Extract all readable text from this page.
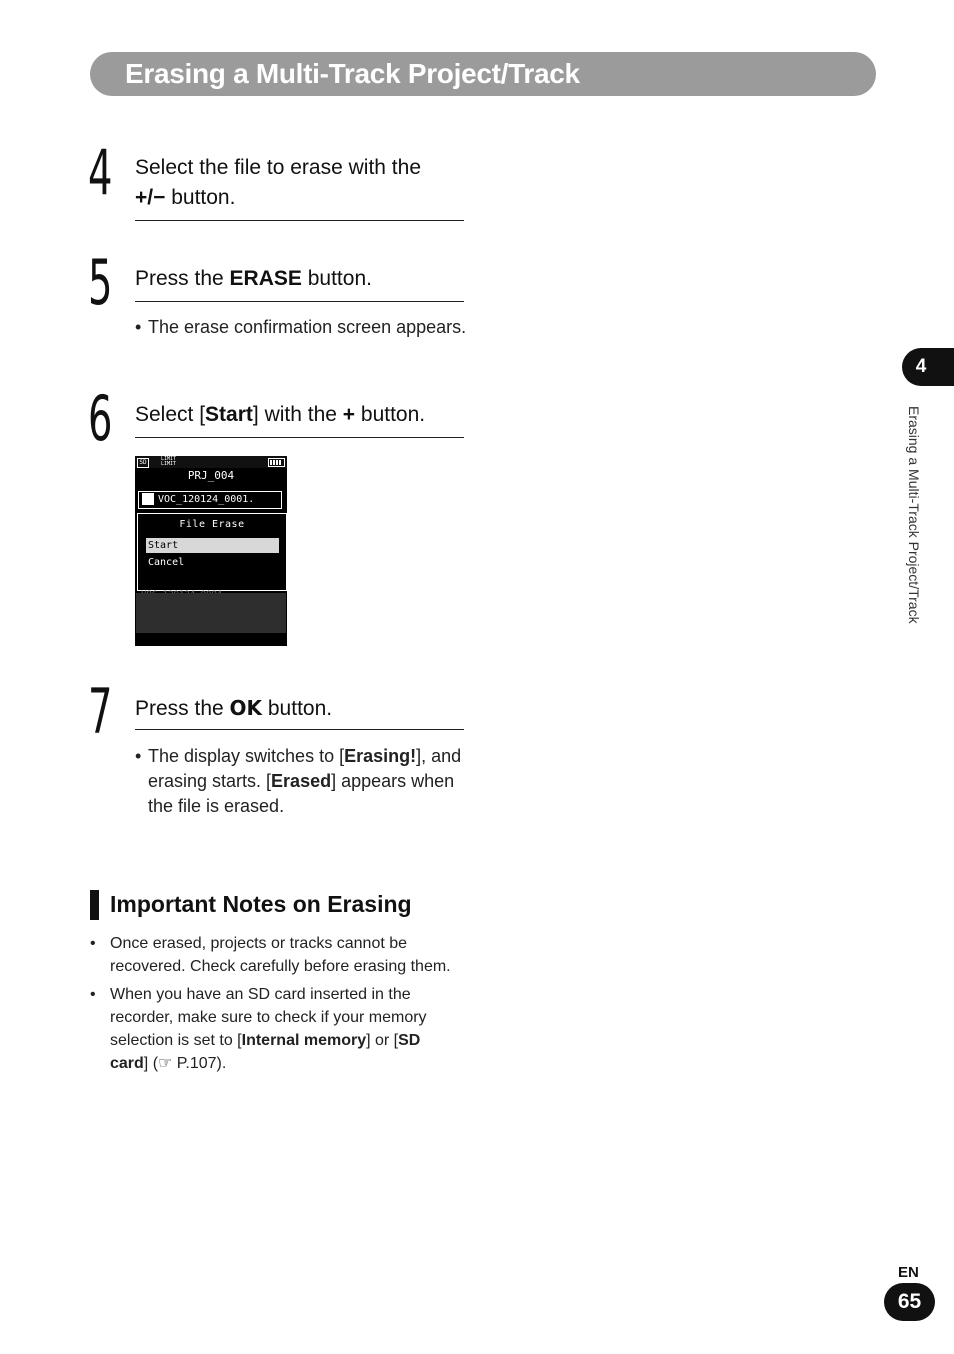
Erasing a Multi-Track Project/Track
4 Select the file to erase with the
+/− button.
5 Press the ERASE button.
• The erase confirmation screen appears.
6 Select [Start] with the + button.
SD	LIMIT
LIMIT
PRJ_004
VOC_120124_0001.
File Erase
Start
Cancel
7 Press the OK button.
• The display switches to [Erasing!], and erasing starts. [Erased] appears when the file is erased.
Important Notes on Erasing
• Once erased, projects or tracks cannot be recovered. Check carefully before erasing them.
• When you have an SD card inserted in the recorder, make sure to check if your memory selection is set to [Internal memory] or [SD card] (☞ P.107).
4
Erasing a Multi-Track Project/Track
EN
65
